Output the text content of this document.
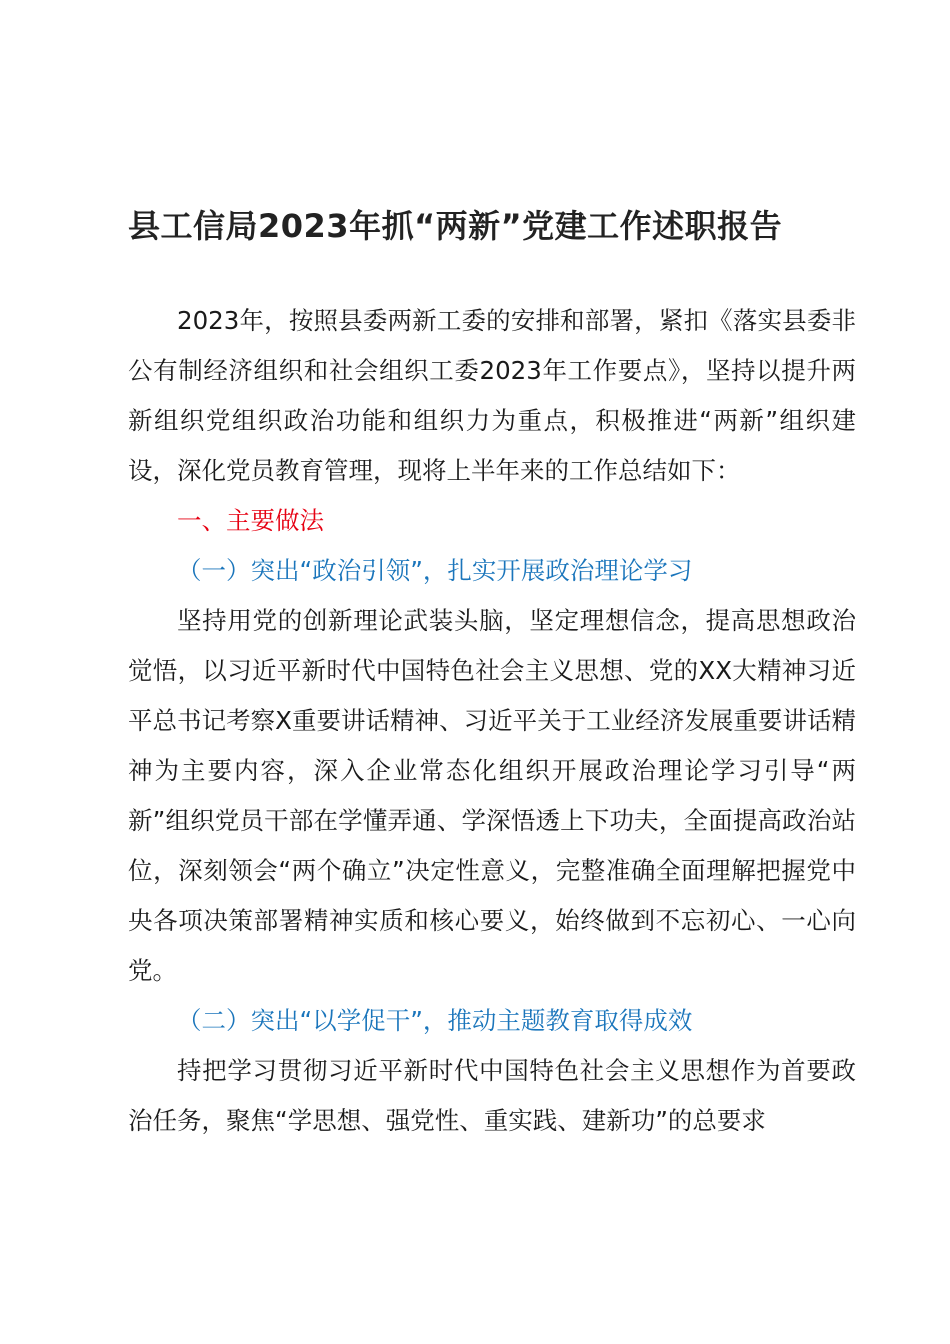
县工信局2023年抓“两新”党建工作述职报告

2023年，按照县委两新工委的安排和部署，紧扣《落实县委非公有制经济组织和社会组织工委2023年工作要点》，坚持以提升两新组织党组织政治功能和组织力为重点，积极推进“两新”组织建设，深化党员教育管理，现将上半年来的工作总结如下：

一、主要做法

（一）突出“政治引领”，扎实开展政治理论学习

坚持用党的创新理论武装头脑，坚定理想信念，提高思想政治觉悟，以习近平新时代中国特色社会主义思想、党的XX大精神习近平总书记考察X重要讲话精神、习近平关于工业经济发展重要讲话精神为主要内容，深入企业常态化组织开展政治理论学习引导“两新”组织党员干部在学懂弄通、学深悟透上下功夫，全面提高政治站位，深刻领会“两个确立”决定性意义，完整准确全面理解把握党中央各项决策部署精神实质和核心要义，始终做到不忘初心、一心向党。

（二）突出“以学促干”，推动主题教育取得成效

持把学习贯彻习近平新时代中国特色社会主义思想作为首要政治任务，聚焦“学思想、强党性、重实践、建新功”的总要求
